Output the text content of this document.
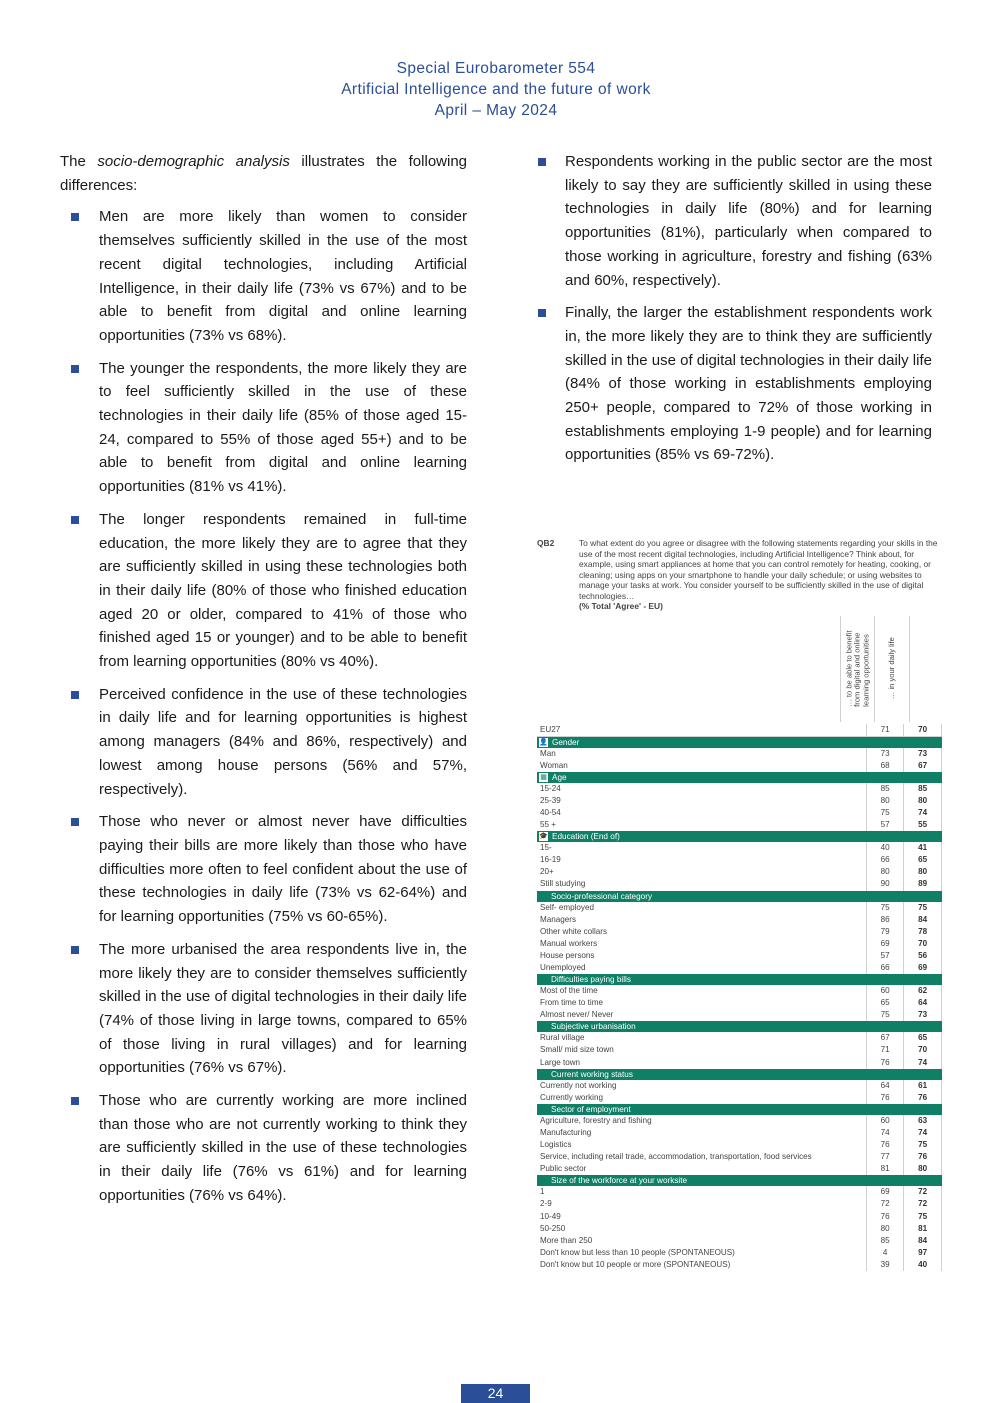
Special Eurobarometer 554
Artificial Intelligence and the future of work
April – May 2024

The socio-demographic analysis illustrates the following differences:

Men are more likely than women to consider themselves sufficiently skilled in the use of the most recent digital technologies, including Artificial Intelligence, in their daily life (73% vs 67%) and to be able to benefit from digital and online learning opportunities (73% vs 68%).
The younger the respondents, the more likely they are to feel sufficiently skilled in the use of these technologies in their daily life (85% of those aged 15-24, compared to 55% of those aged 55+) and to be able to benefit from digital and online learning opportunities (81% vs 41%).
The longer respondents remained in full-time education, the more likely they are to agree that they are sufficiently skilled in using these technologies both in their daily life (80% of those who finished education aged 20 or older, compared to 41% of those who finished aged 15 or younger) and to be able to benefit from learning opportunities (80% vs 40%).
Perceived confidence in the use of these technologies in daily life and for learning opportunities is highest among managers (84% and 86%, respectively) and lowest among house persons (56% and 57%, respectively).
Those who never or almost never have difficulties paying their bills are more likely than those who have difficulties more often to feel confident about the use of these technologies in daily life (73% vs 62-64%) and for learning opportunities (75% vs 60-65%).
The more urbanised the area respondents live in, the more likely they are to consider themselves sufficiently skilled in the use of digital technologies in their daily life (74% of those living in large towns, compared to 65% of those living in rural villages) and for learning opportunities (76% vs 67%).
Those who are currently working are more inclined than those who are not currently working to think they are sufficiently skilled in the use of these technologies in their daily life (76% vs 61%) and for learning opportunities (76% vs 64%).
Respondents working in the public sector are the most likely to say they are sufficiently skilled in using these technologies in daily life (80%) and for learning opportunities (81%), particularly when compared to those working in agriculture, forestry and fishing (63% and 60%, respectively).
Finally, the larger the establishment respondents work in, the more likely they are to think they are sufficiently skilled in the use of digital technologies in their daily life (84% of those working in establishments employing 250+ people, compared to 72% of those working in establishments employing 1-9 people) and for learning opportunities (85% vs 69-72%).
QB2	To what extent do you agree or disagree with the following statements regarding your skills in the use of the most recent digital technologies, including Artificial Intelligence? Think about, for example, using smart appliances at home that you can control remotely for heating, cooking, or cleaning; using apps on your smartphone to handle your daily schedule; or using websites to manage your tasks at work. You consider yourself to be sufficiently skilled in the use of digital technologies…
(% Total 'Agree' - EU)
… to be able to benefit
from digital and online
learning opportunities … in your daily life
EU27	71	70
👤 Gender		
Man	73	73
Woman	68	67
▦ Age		
15-24	85	85
25-39	80	80
40-54	75	74
55 +	57	55
🎓 Education (End of)		
15-	40	41
16-19	66	65
20+	80	80
Still studying	90	89
Socio-professional category		
Self- employed	75	75
Managers	86	84
Other white collars	79	78
Manual workers	69	70
House persons	57	56
Unemployed	66	69
Difficulties paying bills		
Most of the time	60	62
From time to time	65	64
Almost never/ Never	75	73
Subjective urbanisation		
Rural village	67	65
Small/ mid size town	71	70
Large town	76	74
Current working status		
Currently not working	64	61
Currently working	76	76
Sector of employment		
Agriculture, forestry and fishing	60	63
Manufacturing	74	74
Logistics	76	75
Service, including retail trade, accommodation, transportation, food services	77	76
Public sector	81	80
Size of the workforce at your worksite		
1	69	72
2-9	72	72
10-49	76	75
50-250	80	81
More than 250	85	84
Don't know but less than 10 people (SPONTANEOUS)	4	97
Don't know but 10 people or more (SPONTANEOUS)	39	40
24
